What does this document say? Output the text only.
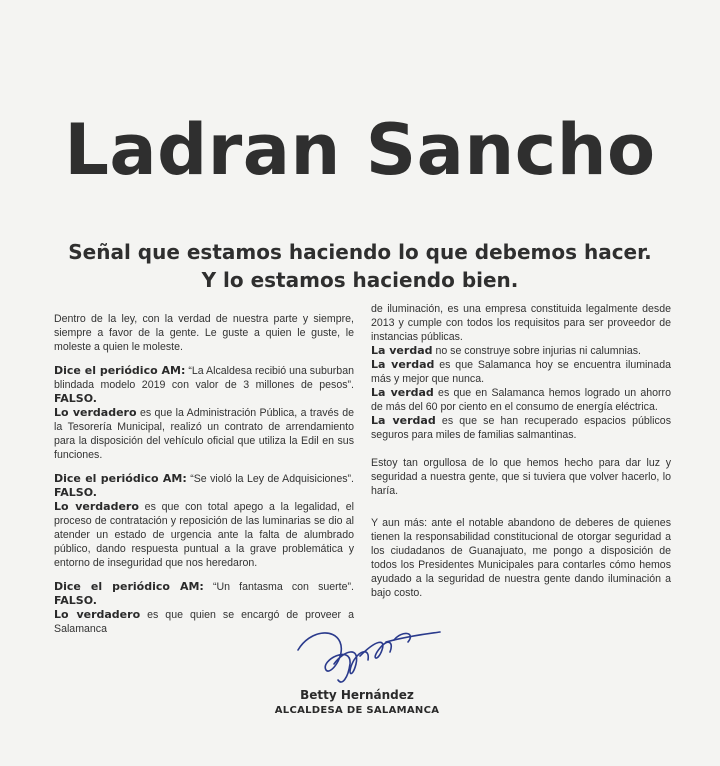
Ladran Sancho
Señal que estamos haciendo lo que debemos hacer.
Y lo estamos haciendo bien.

Dentro de la ley, con la verdad de nuestra parte y siempre, siempre a favor de la gente. Le guste a quien le guste, le moleste a quien le moleste.

Dice el periódico AM: “La Alcaldesa recibió una suburban blindada modelo 2019 con valor de 3 millones de pesos”. FALSO.

Lo verdadero es que la Administración Pública, a través de la Tesorería Municipal, realizó un contrato de arrendamiento para la disposición del vehículo oficial que utiliza la Edil en sus funciones.

Dice el periódico AM: “Se violó la Ley de Adquisiciones”. FALSO.

Lo verdadero es que con total apego a la legalidad, el proceso de contratación y reposición de las luminarias se dio al atender un estado de urgencia ante la falta de alumbrado público, dando respuesta puntual a la grave problemática y entorno de inseguridad que nos heredaron.

Dice el periódico AM: “Un fantasma con suerte”. FALSO.

Lo verdadero es que quien se encargó de proveer a Salamanca

de iluminación, es una empresa constituida legalmente desde 2013 y cumple con todos los requisitos para ser proveedor de instancias públicas.

La verdad no se construye sobre injurias ni calumnias.

La verdad es que Salamanca hoy se encuentra iluminada más y mejor que nunca.

La verdad es que en Salamanca hemos logrado un ahorro de más del 60 por ciento en el consumo de energía eléctrica.

La verdad es que se han recuperado espacios públicos seguros para miles de familias salmantinas.

Estoy tan orgullosa de lo que hemos hecho para dar luz y seguridad a nuestra gente, que si tuviera que volver hacerlo, lo haría.

Y aun más: ante el notable abandono de deberes de quienes tienen la responsabilidad constitucional de otorgar seguridad a los ciudadanos de Guanajuato, me pongo a disposición de todos los Presidentes Municipales para contarles cómo hemos ayudado a la seguridad de nuestra gente dando iluminación a bajo costo.

Betty Hernández
ALCALDESA DE SALAMANCA
